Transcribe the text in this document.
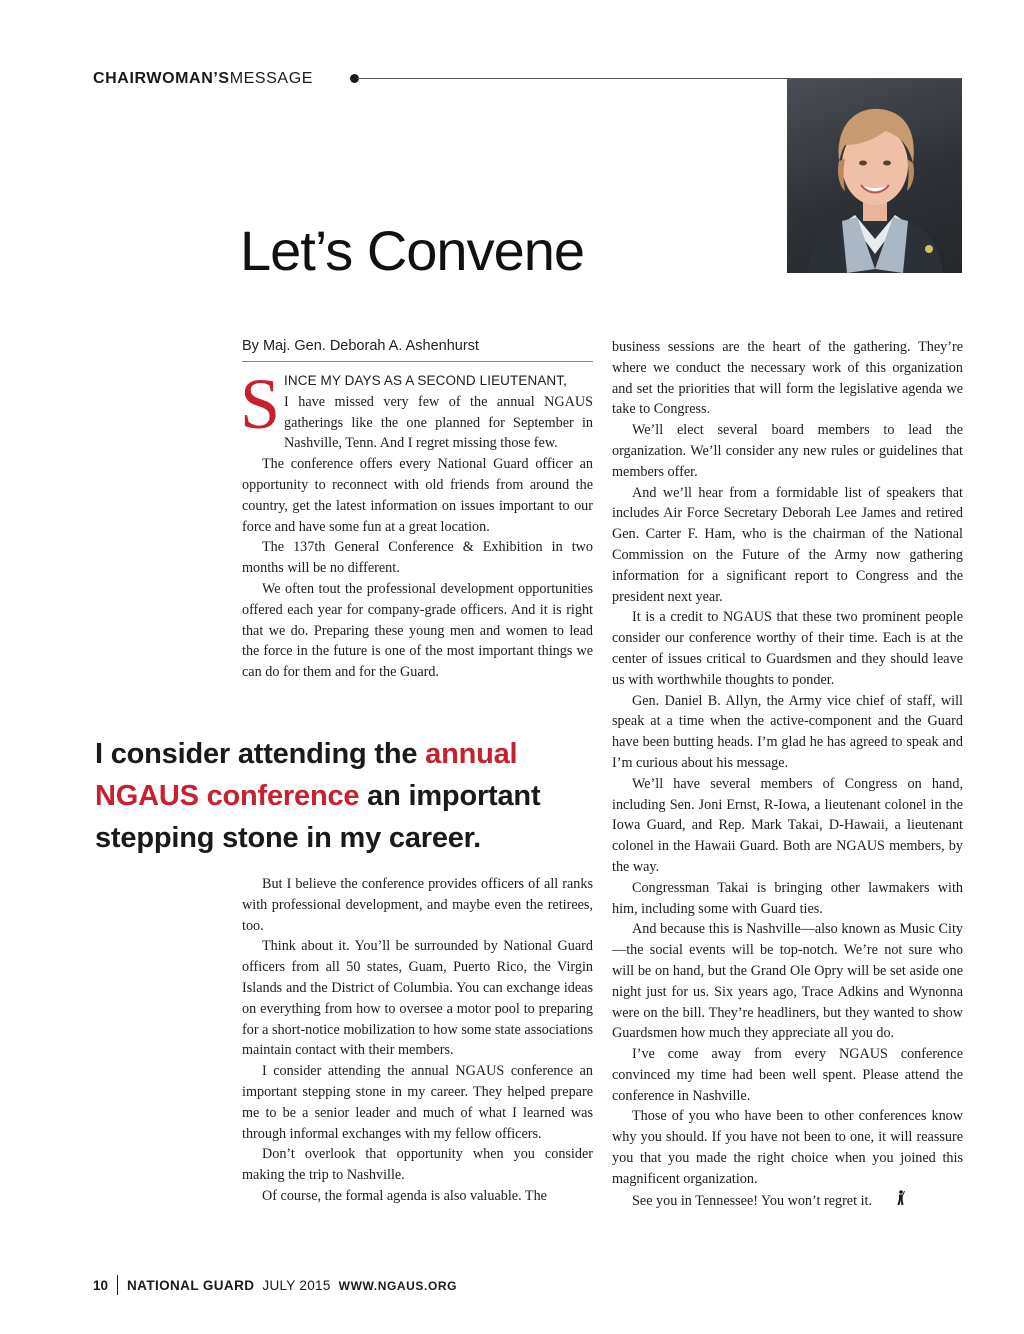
CHAIRWOMAN’SMESSAGE
Let’s Convene
By Maj. Gen. Deborah A. Ashenhurst
S INCE MY DAYS AS A SECOND LIEUTENANT,

I have missed very few of the annual NGAUS gatherings like the one planned for September in Nashville, Tenn. And I regret missing those few.

The conference offers every National Guard officer an opportunity to reconnect with old friends from around the country, get the latest information on issues important to our force and have some fun at a great location.

The 137th General Conference & Exhibition in two months will be no different.

We often tout the professional development opportunities offered each year for company-grade officers. And it is right that we do. Preparing these young men and women to lead the force in the future is one of the most important things we can do for them and for the Guard.

I consider attending the annual NGAUS conference an important stepping stone in my career.

But I believe the conference provides officers of all ranks with professional development, and maybe even the retirees, too.

Think about it. You’ll be surrounded by National Guard officers from all 50 states, Guam, Puerto Rico, the Virgin Islands and the District of Columbia. You can exchange ideas on everything from how to oversee a motor pool to preparing for a short-notice mobilization to how some state associations maintain contact with their members.

I consider attending the annual NGAUS conference an important stepping stone in my career. They helped prepare me to be a senior leader and much of what I learned was through informal exchanges with my fellow officers.

Don’t overlook that opportunity when you consider making the trip to Nashville.

Of course, the formal agenda is also valuable. The

business sessions are the heart of the gathering. They’re where we conduct the necessary work of this organization and set the priorities that will form the legislative agenda we take to Congress.

We’ll elect several board members to lead the organization. We’ll consider any new rules or guidelines that members offer.

And we’ll hear from a formidable list of speakers that includes Air Force Secretary Deborah Lee James and retired Gen. Carter F. Ham, who is the chairman of the National Commission on the Future of the Army now gathering information for a significant report to Congress and the president next year.

It is a credit to NGAUS that these two prominent people consider our conference worthy of their time. Each is at the center of issues critical to Guardsmen and they should leave us with worthwhile thoughts to ponder.

Gen. Daniel B. Allyn, the Army vice chief of staff, will speak at a time when the active-component and the Guard have been butting heads. I’m glad he has agreed to speak and I’m curious about his message.

We’ll have several members of Congress on hand, including Sen. Joni Ernst, R-Iowa, a lieutenant colonel in the Iowa Guard, and Rep. Mark Takai, D-Hawaii, a lieutenant colonel in the Hawaii Guard. Both are NGAUS members, by the way.

Congressman Takai is bringing other lawmakers with him, including some with Guard ties.

And because this is Nashville—also known as Music City—the social events will be top-notch. We’re not sure who will be on hand, but the Grand Ole Opry will be set aside one night just for us. Six years ago, Trace Adkins and Wynonna were on the bill. They’re headliners, but they wanted to show Guardsmen how much they appreciate all you do.

I’ve come away from every NGAUS conference convinced my time had been well spent. Please attend the conference in Nashville.

Those of you who have been to other conferences know why you should. If you have not been to one, it will reassure you that you made the right choice when you joined this magnificent organization.

See you in Tennessee! You won’t regret it.

10 NATIONAL GUARD JULY 2015 WWW.NGAUS.ORG
